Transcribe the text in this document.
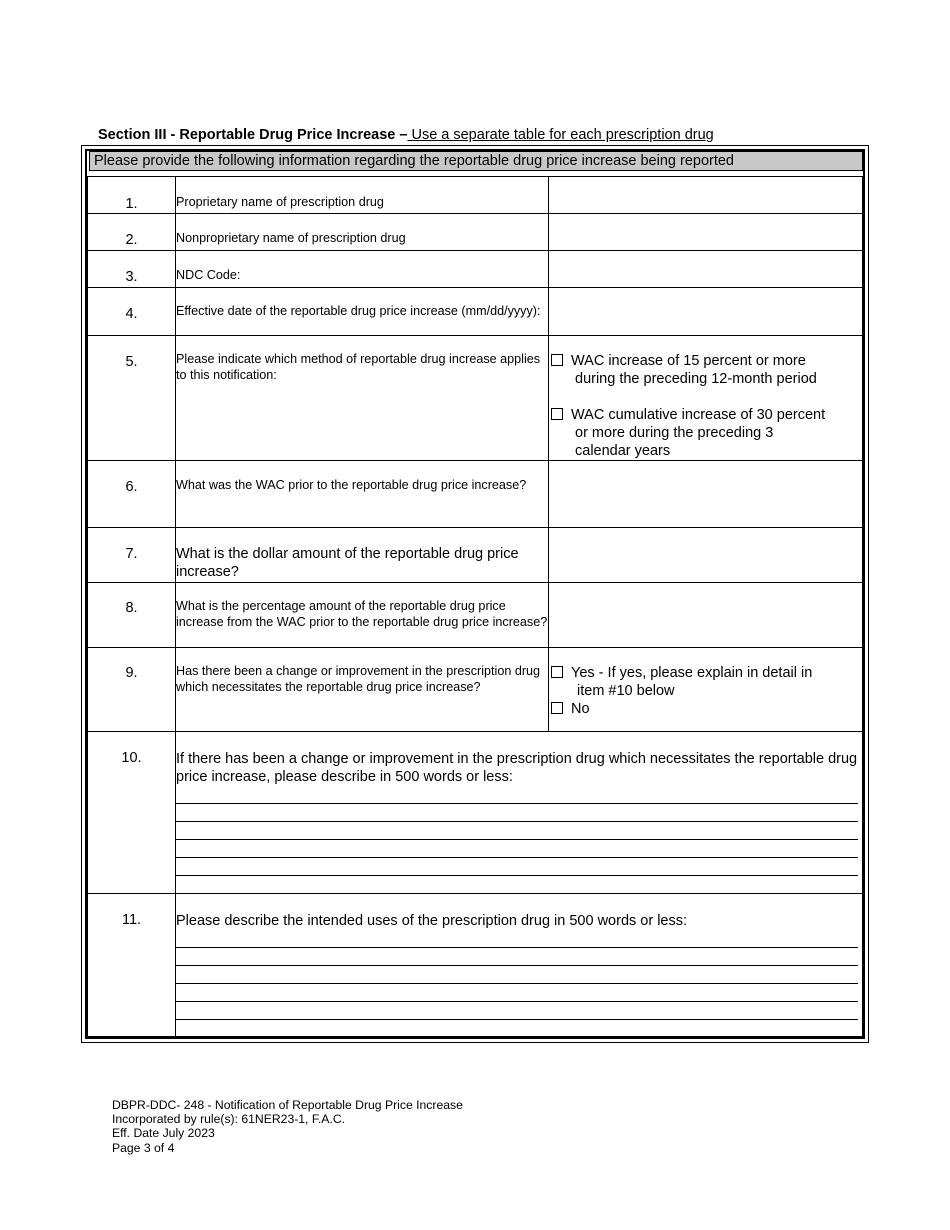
Section III - Reportable Drug Price Increase – Use a separate table for each prescription drug
Please provide the following information regarding the reportable drug price increase being reported
1.	Proprietary name of prescription drug	

2.	Nonproprietary name of prescription drug	

3.	NDC Code:	

4.	Effective date of the reportable drug price increase (mm/dd/yyyy):	

5.	Please indicate which method of reportable drug increase applies to this notification:	WAC increase of 15 percent or more
during the preceding 12-month period
WAC cumulative increase of 30 percent
or more during the preceding 3
calendar years

6.	What was the WAC prior to the reportable drug price increase?	

7.	What is the dollar amount of the reportable drug price increase?	

8.	What is the percentage amount of the reportable drug price increase from the WAC prior to the reportable drug price increase?	

9.	Has there been a change or improvement in the prescription drug which necessitates the reportable drug price increase?	Yes - If yes, please explain in detail in
item #10 below
No

10.	If there has been a change or improvement in the prescription drug which necessitates the reportable drug price increase, please describe in 500 words or less:	

11.	Please describe the intended uses of the prescription drug in 500 words or less:	
DBPR-DDC- 248 - Notification of Reportable Drug Price Increase
Incorporated by rule(s): 61NER23-1, F.A.C.
Eff. Date July 2023
Page 3 of 4
